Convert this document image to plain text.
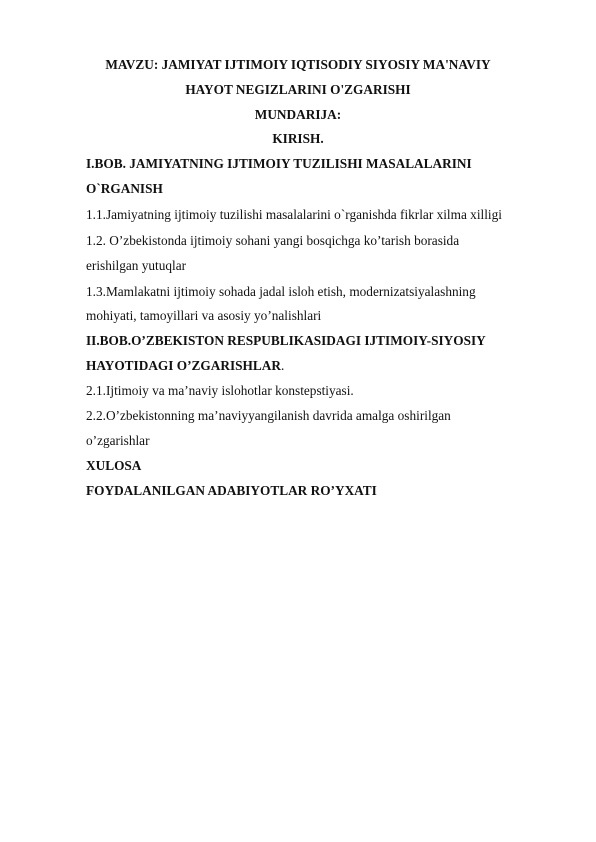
MAVZU: JAMIYAT IJTIMOIY IQTISODIY SIYOSIY MA'NAVIY
HAYOT NEGIZLARINI O'ZGARISHI
MUNDARIJA:
KIRISH.
I.BOB. JAMIYATNING IJTIMOIY TUZILISHI MASALALARINI
O`RGANISH
1.1.Jamiyatning ijtimoiy tuzilishi masalalarini o`rganishda fikrlar xilma xilligi
1.2. O’zbekistonda ijtimoiy sohani yangi bosqichga ko’tarish borasida
erishilgan yutuqlar
1.3.Mamlakatni ijtimoiy sohada jadal isloh etish, modernizatsiyalashning
mohiyati, tamoyillari va asosiy yo’nalishlari
II.BOB.O’ZBEKISTON RESPUBLIKASIDAGI IJTIMOIY-SIYOSIY
HAYOTIDAGI O’ZGARISHLAR.
2.1.Ijtimoiy va ma’naviy islohotlar konstepstiyasi.
2.2.O’zbekistonning ma’naviyyangilanish davrida amalga oshirilgan
o’zgarishlar
XULOSA
FOYDALANILGAN ADABIYOTLAR RO’YXATI
